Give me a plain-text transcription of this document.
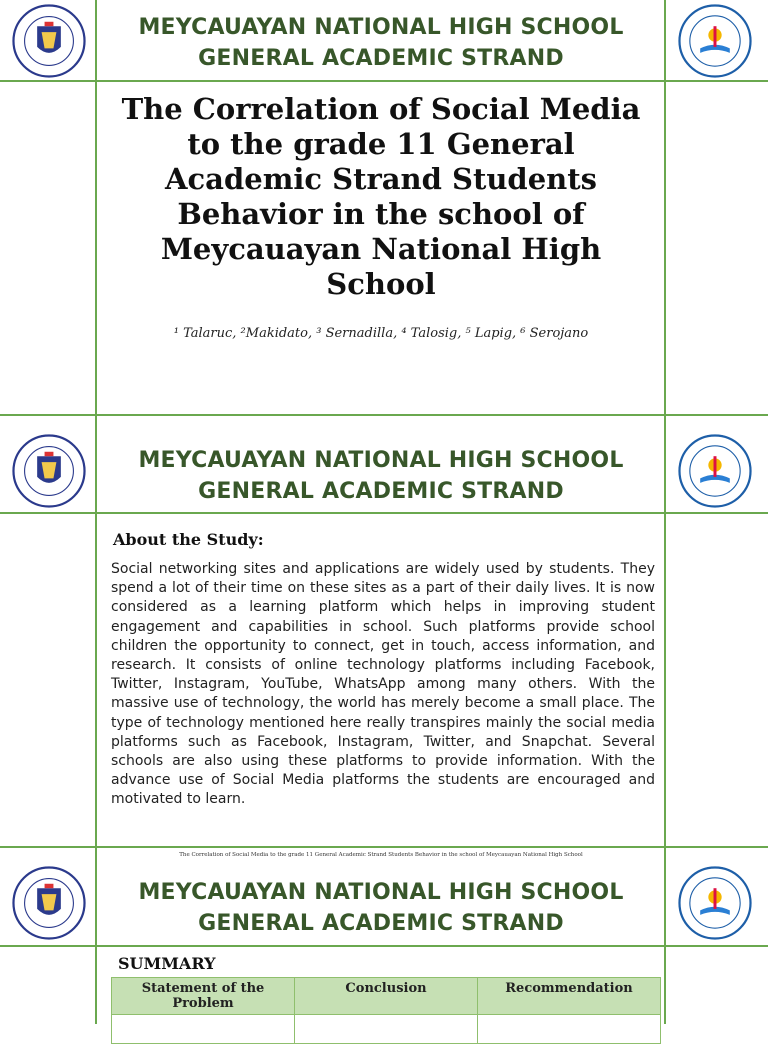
MEYCAUAYAN NATIONAL HIGH SCHOOL
GENERAL ACADEMIC STRAND
The Correlation of Social Media to the grade 11 General Academic Strand Students Behavior in the school of Meycauayan National High School
¹ Talaruc, ²Makidato, ³ Sernadilla, ⁴ Talosig, ⁵ Lapig, ⁶ Serojano
MEYCAUAYAN NATIONAL HIGH SCHOOL
GENERAL ACADEMIC STRAND
About the Study:
Social networking sites and applications are widely used by students. They spend a lot of their time on these sites as a part of their daily lives. It is now considered as a learning platform which helps in improving student engagement and capabilities in school. Such platforms provide school children the opportunity to connect, get in touch, access information, and research. It consists of online technology platforms including Facebook, Twitter, Instagram, YouTube, WhatsApp among many others. With the massive use of technology, the world has merely become a small place. The type of technology mentioned here really transpires mainly the social media platforms such as Facebook, Instagram, Twitter, and Snapchat. Several schools are also using these platforms to provide information. With the advance use of Social Media platforms the students are encouraged and motivated to learn.
The Correlation of Social Media to the grade 11 General Academic Strand Students Behavior in the school of Meycauayan National High School
MEYCAUAYAN NATIONAL HIGH SCHOOL
GENERAL ACADEMIC STRAND
SUMMARY
Statement of the Problem	Conclusion	Recommendation
